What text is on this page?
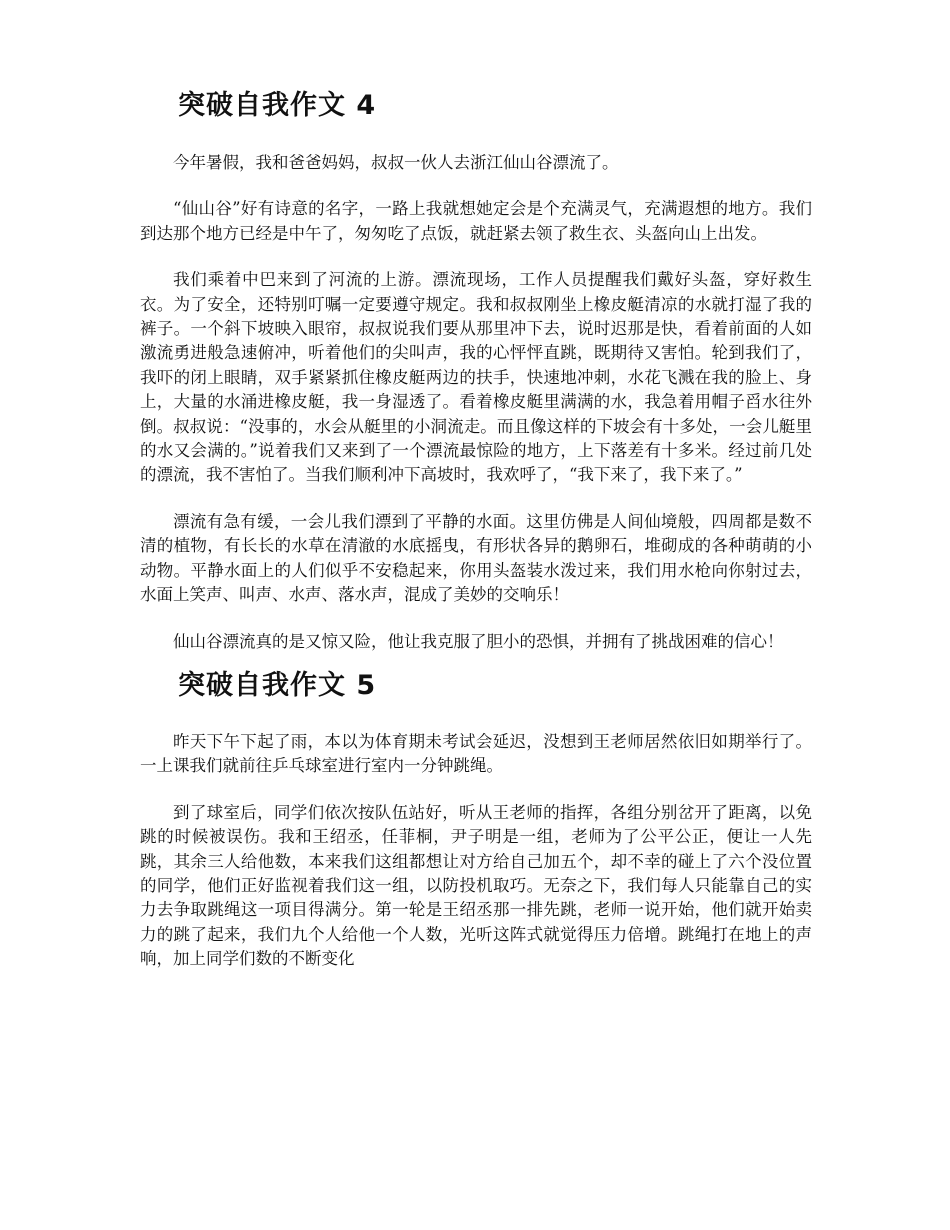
突破自我作文 4

今年暑假，我和爸爸妈妈，叔叔一伙人去浙江仙山谷漂流了。

“仙山谷”好有诗意的名字，一路上我就想她定会是个充满灵气，充满遐想的地方。我们到达那个地方已经是中午了，匆匆吃了点饭，就赶紧去领了救生衣、头盔向山上出发。

我们乘着中巴来到了河流的上游。漂流现场，工作人员提醒我们戴好头盔，穿好救生衣。为了安全，还特别叮嘱一定要遵守规定。我和叔叔刚坐上橡皮艇清凉的水就打湿了我的裤子。一个斜下坡映入眼帘，叔叔说我们要从那里冲下去，说时迟那是快，看着前面的人如激流勇进般急速俯冲，听着他们的尖叫声，我的心怦怦直跳，既期待又害怕。轮到我们了，我吓的闭上眼睛，双手紧紧抓住橡皮艇两边的扶手，快速地冲刺，水花飞溅在我的脸上、身上，大量的水涌进橡皮艇，我一身湿透了。看着橡皮艇里满满的水，我急着用帽子舀水往外倒。叔叔说：“没事的，水会从艇里的小洞流走。而且像这样的下坡会有十多处，一会儿艇里的水又会满的。”说着我们又来到了一个漂流最惊险的地方，上下落差有十多米。经过前几处的漂流，我不害怕了。当我们顺利冲下高坡时，我欢呼了，“我下来了，我下来了。”

漂流有急有缓，一会儿我们漂到了平静的水面。这里仿佛是人间仙境般，四周都是数不清的植物，有长长的水草在清澈的水底摇曳，有形状各异的鹅卵石，堆砌成的各种萌萌的小动物。平静水面上的人们似乎不安稳起来，你用头盔装水泼过来，我们用水枪向你射过去，水面上笑声、叫声、水声、落水声，混成了美妙的交响乐！

仙山谷漂流真的是又惊又险，他让我克服了胆小的恐惧，并拥有了挑战困难的信心！

突破自我作文 5

昨天下午下起了雨，本以为体育期未考试会延迟，没想到王老师居然依旧如期举行了。一上课我们就前往乒乓球室进行室内一分钟跳绳。

到了球室后，同学们依次按队伍站好，听从王老师的指挥，各组分别岔开了距离，以免跳的时候被误伤。我和王绍丞，任菲桐，尹子明是一组，老师为了公平公正，便让一人先跳，其余三人给他数，本来我们这组都想让对方给自己加五个，却不幸的碰上了六个没位置的同学，他们正好监视着我们这一组，以防投机取巧。无奈之下，我们每人只能靠自己的实力去争取跳绳这一项目得满分。第一轮是王绍丞那一排先跳，老师一说开始，他们就开始卖力的跳了起来，我们九个人给他一个人数，光听这阵式就觉得压力倍增。跳绳打在地上的声响，加上同学们数的不断变化
